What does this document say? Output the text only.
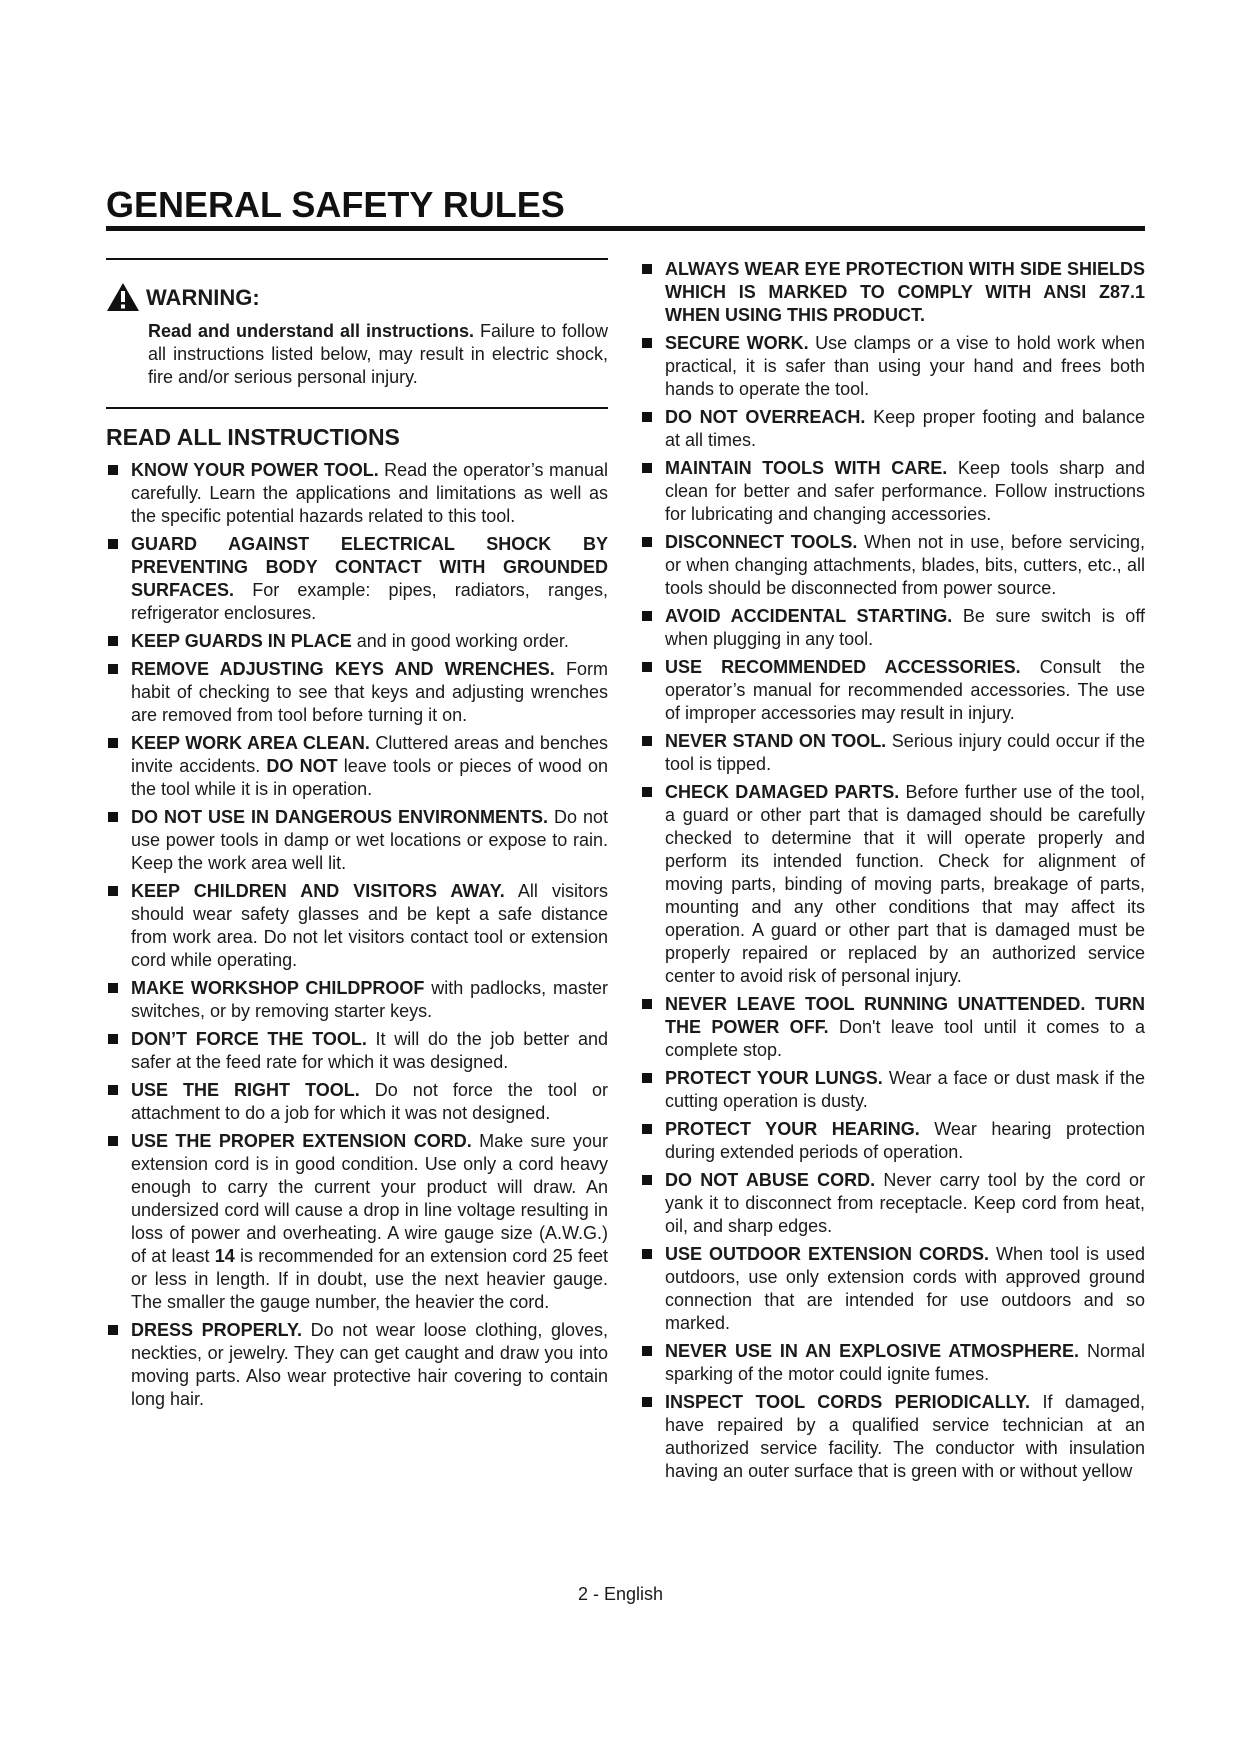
GENERAL SAFETY RULES
WARNING:
Read and understand all instructions. Failure to follow all instructions listed below, may result in electric shock, fire and/or serious personal injury.
READ ALL INSTRUCTIONS
KNOW YOUR POWER TOOL. Read the operator’s manual carefully. Learn the applications and limitations as well as the specific potential hazards related to this tool.
GUARD AGAINST ELECTRICAL SHOCK BY PREVENTING BODY CONTACT WITH GROUNDED SURFACES. For example: pipes, radiators, ranges, refrigerator enclosures.
KEEP GUARDS IN PLACE and in good working order.
REMOVE ADJUSTING KEYS AND WRENCHES. Form habit of checking to see that keys and adjusting wrenches are removed from tool before turning it on.
KEEP WORK AREA CLEAN. Cluttered areas and benches invite accidents. DO NOT leave tools or pieces of wood on the tool while it is in operation.
DO NOT USE IN DANGEROUS ENVIRONMENTS. Do not use power tools in damp or wet locations or expose to rain. Keep the work area well lit.
KEEP CHILDREN AND VISITORS AWAY. All visitors should wear safety glasses and be kept a safe distance from work area. Do not let visitors contact tool or extension cord while operating.
MAKE WORKSHOP CHILDPROOF with padlocks, master switches, or by removing starter keys.
DON’T FORCE THE TOOL. It will do the job better and safer at the feed rate for which it was designed.
USE THE RIGHT TOOL. Do not force the tool or attachment to do a job for which it was not designed.
USE THE PROPER EXTENSION CORD. Make sure your extension cord is in good condition. Use only a cord heavy enough to carry the current your product will draw. An undersized cord will cause a drop in line voltage resulting in loss of power and overheating. A wire gauge size (A.W.G.) of at least 14 is recommended for an extension cord 25 feet or less in length. If in doubt, use the next heavier gauge. The smaller the gauge number, the heavier the cord.
DRESS PROPERLY. Do not wear loose clothing, gloves, neckties, or jewelry. They can get caught and draw you into moving parts. Also wear protective hair covering to contain long hair.
ALWAYS WEAR EYE PROTECTION WITH SIDE SHIELDS WHICH IS MARKED TO COMPLY WITH ANSI Z87.1 WHEN USING THIS PRODUCT.
SECURE WORK. Use clamps or a vise to hold work when practical, it is safer than using your hand and frees both hands to operate the tool.
DO NOT OVERREACH. Keep proper footing and balance at all times.
MAINTAIN TOOLS WITH CARE. Keep tools sharp and clean for better and safer performance. Follow instructions for lubricating and changing accessories.
DISCONNECT TOOLS. When not in use, before servicing, or when changing attachments, blades, bits, cutters, etc., all tools should be disconnected from power source.
AVOID ACCIDENTAL STARTING. Be sure switch is off when plugging in any tool.
USE RECOMMENDED ACCESSORIES. Consult the operator’s manual for recommended accessories. The use of improper accessories may result in injury.
NEVER STAND ON TOOL. Serious injury could occur if the tool is tipped.
CHECK DAMAGED PARTS. Before further use of the tool, a guard or other part that is damaged should be carefully checked to determine that it will operate properly and perform its intended function. Check for alignment of moving parts, binding of moving parts, breakage of parts, mounting and any other conditions that may affect its operation. A guard or other part that is damaged must be properly repaired or replaced by an authorized service center to avoid risk of personal injury.
NEVER LEAVE TOOL RUNNING UNATTENDED. TURN THE POWER OFF. Don't leave tool until it comes to a complete stop.
PROTECT YOUR LUNGS. Wear a face or dust mask if the cutting operation is dusty.
PROTECT YOUR HEARING. Wear hearing protection during extended periods of operation.
DO NOT ABUSE CORD. Never carry tool by the cord or yank it to disconnect from receptacle. Keep cord from heat, oil, and sharp edges.
USE OUTDOOR EXTENSION CORDS. When tool is used outdoors, use only extension cords with approved ground connection that are intended for use outdoors and so marked.
NEVER USE IN AN EXPLOSIVE ATMOSPHERE. Normal sparking of the motor could ignite fumes.
INSPECT TOOL CORDS PERIODICALLY. If damaged, have repaired by a qualified service technician at an authorized service facility. The conductor with insulation having an outer surface that is green with or without yellow
2 - English
